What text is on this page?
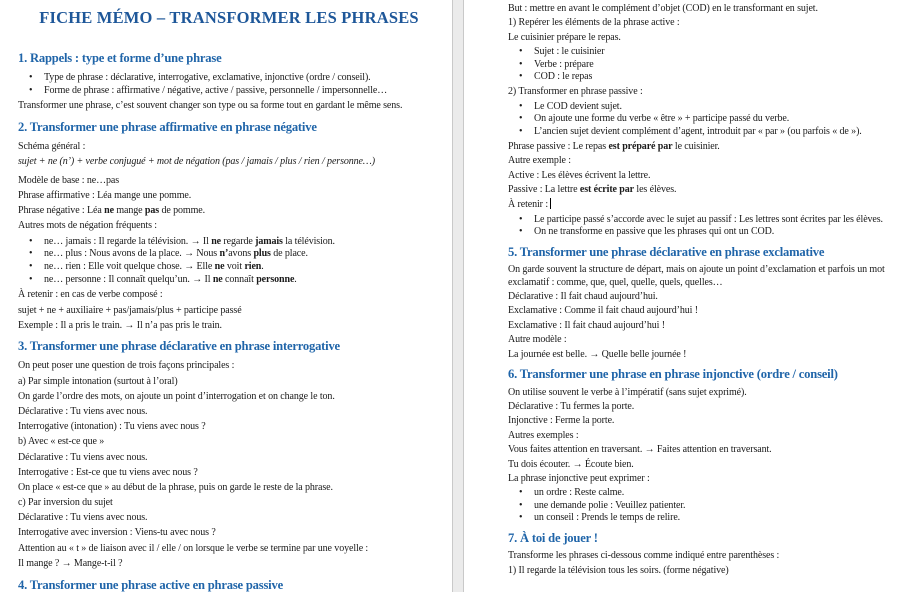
FICHE MÉMO – TRANSFORMER LES PHRASES
1. Rappels : type et forme d’une phrase
• Type de phrase : déclarative, interrogative, exclamative, injonctive (ordre / conseil).
• Forme de phrase : affirmative / négative, active / passive, personnelle / impersonnelle…

Transformer une phrase, c’est souvent changer son type ou sa forme tout en gardant le même sens.

2. Transformer une phrase affirmative en phrase négative

Schéma général :

sujet + ne (n’) + verbe conjugué + mot de négation (pas / jamais / plus / rien / personne…)

Modèle de base : ne…pas

Phrase affirmative : Léa mange une pomme.

Phrase négative : Léa ne mange pas de pomme.

Autres mots de négation fréquents :

• ne… jamais : Il regarde la télévision. → Il ne regarde jamais la télévision.
• ne… plus : Nous avons de la place. → Nous n’avons plus de place.
• ne… rien : Elle voit quelque chose. → Elle ne voit rien.
• ne… personne : Il connaît quelqu’un. → Il ne connaît personne.

À retenir : en cas de verbe composé :

sujet + ne + auxiliaire + pas/jamais/plus + participe passé

Exemple : Il a pris le train. → Il n’a pas pris le train.

3. Transformer une phrase déclarative en phrase interrogative

On peut poser une question de trois façons principales :

a) Par simple intonation (surtout à l’oral)

On garde l’ordre des mots, on ajoute un point d’interrogation et on change le ton.

Déclarative : Tu viens avec nous.

Interrogative (intonation) : Tu viens avec nous ?

b) Avec « est-ce que »

Déclarative : Tu viens avec nous.

Interrogative : Est-ce que tu viens avec nous ?

On place « est-ce que » au début de la phrase, puis on garde le reste de la phrase.

c) Par inversion du sujet

Déclarative : Tu viens avec nous.

Interrogative avec inversion : Viens-tu avec nous ?

Attention au « t » de liaison avec il / elle / on lorsque le verbe se termine par une voyelle :

Il mange ? → Mange-t-il ?

4. Transformer une phrase active en phrase passive

But : mettre en avant le complément d’objet (COD) en le transformant en sujet.

1) Repérer les éléments de la phrase active :

Le cuisinier prépare le repas.

• Sujet : le cuisinier
• Verbe : prépare
• COD : le repas

2) Transformer en phrase passive :

• Le COD devient sujet.
• On ajoute une forme du verbe « être » + participe passé du verbe.
• L’ancien sujet devient complément d’agent, introduit par « par » (ou parfois « de »).

Phrase passive : Le repas est préparé par le cuisinier.

Autre exemple :

Active : Les élèves écrivent la lettre.

Passive : La lettre est écrite par les élèves.

À retenir :

• Le participe passé s’accorde avec le sujet au passif : Les lettres sont écrites par les élèves.
• On ne transforme en passive que les phrases qui ont un COD.
5. Transformer une phrase déclarative en phrase exclamative

On garde souvent la structure de départ, mais on ajoute un point d’exclamation et parfois un mot exclamatif : comme, que, quel, quelle, quels, quelles…

Déclarative : Il fait chaud aujourd’hui.

Exclamative : Comme il fait chaud aujourd’hui !

Exclamative : Il fait chaud aujourd’hui !

Autre modèle :

La journée est belle. → Quelle belle journée !

6. Transformer une phrase en phrase injonctive (ordre / conseil)

On utilise souvent le verbe à l’impératif (sans sujet exprimé).

Déclarative : Tu fermes la porte.

Injonctive : Ferme la porte.

Autres exemples :

Vous faites attention en traversant. → Faites attention en traversant.

Tu dois écouter. → Écoute bien.

La phrase injonctive peut exprimer :

• un ordre : Reste calme.
• une demande polie : Veuillez patienter.
• un conseil : Prends le temps de relire.
7. À toi de jouer !

Transforme les phrases ci-dessous comme indiqué entre parenthèses :

1) Il regarde la télévision tous les soirs. (forme négative)
